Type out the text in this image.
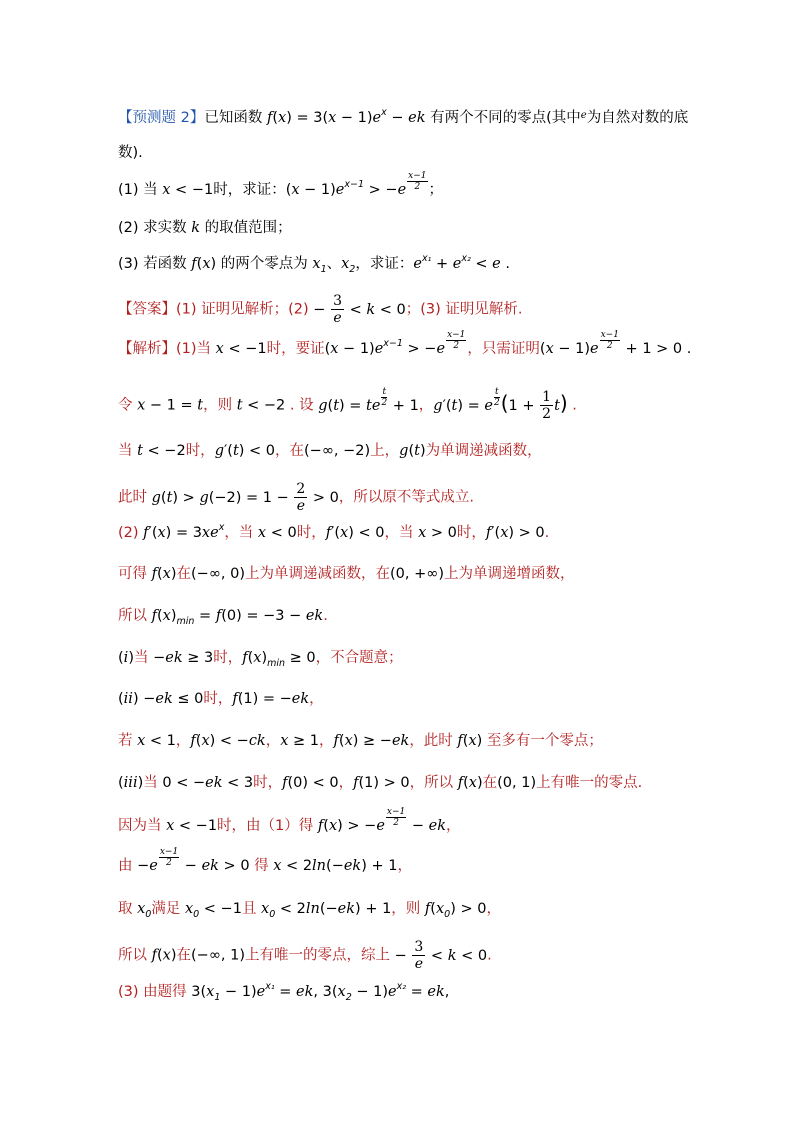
【预测题 2】已知函数 $f(x) = 3(x - 1)e^x$ − ek 有两个不同的零点(其中$^e$为自然对数的底
数).
(1) 当 x < −1时，求证：$(x - 1)e^{x-1} > -e \frac{x-1}{2}$ ；
(2) 求实数 k 的取值范围；
(3) 若函数 f(x) 的两个零点为 $x_1$、$x_2$，求证：$e^{x_1} + e^{x_2} < e$ .
【答案】(1) 证明见解析；$(2) - \frac{3}{e} < k < 0$；(3) 证明见解析.
【解析】(1)当 x < −1时，要证$(x - 1)e^{x-1} > -e \frac{x-1}{2}$ ，只需证明$(x - 1)e \frac{x-1}{2} + 1 > 0$ .
令 x − 1 = t，则 t < −2 . 设 g(t) = te $\frac{t}{2} + 1$，g′(t) = e $\frac{t}{2} (1 + \frac{1}{2} t)$ .
当 t < −2时，g′(t) < 0，在(−∞, −2)上，g(t)为单调递减函数，
此时 $g(t) > g(-2) = 1 - \frac{2}{e} > 0$，所以原不等式成立.
(2) $f'(x) = 3xe^x$，当 x < 0时，f′(x) < 0，当 x > 0时，f′(x) > 0.
可得 f(x)在(−∞, 0)上为单调递减函数，在(0, +∞)上为单调递增函数，
所以 $f(x)_{min} = f(0) = -3$ − ek.
(i)当 −ek ≥ 3时，$f(x)_{min} \ge 0$，不合题意；
(ii) −ek ≤ 0时，f(1) = −ek，
若 x < 1，f(x) < −ck，x ≥ 1，f(x) ≥ −ek，此时 f(x) 至多有一个零点；
(iii)当 0 < −ek < 3时，f(0) < 0，f(1) > 0，所以 f(x)在(0, 1)上有唯一的零点.
因为当 x < −1时，由（1）得 $f(x) > -e \frac{x-1}{2}$ − ek，
由 $-e \frac{x-1}{2}$ − ek > 0 得 x < 2ln(−ek) + 1，
取 $x_0$满足 $x_0 < -1$且 $x_0 < 2\ln(-ek) + 1$，则 $f(x_0) > 0$，
所以 f(x)在(−∞, 1)上有唯一的零点，综上 − $\frac{3}{e} < k < 0$.
(3) 由题得 $3(x_1 - 1)e^{x_1}$ = ek, $3(x_2 - 1)e^{x_2}$ = ek,
